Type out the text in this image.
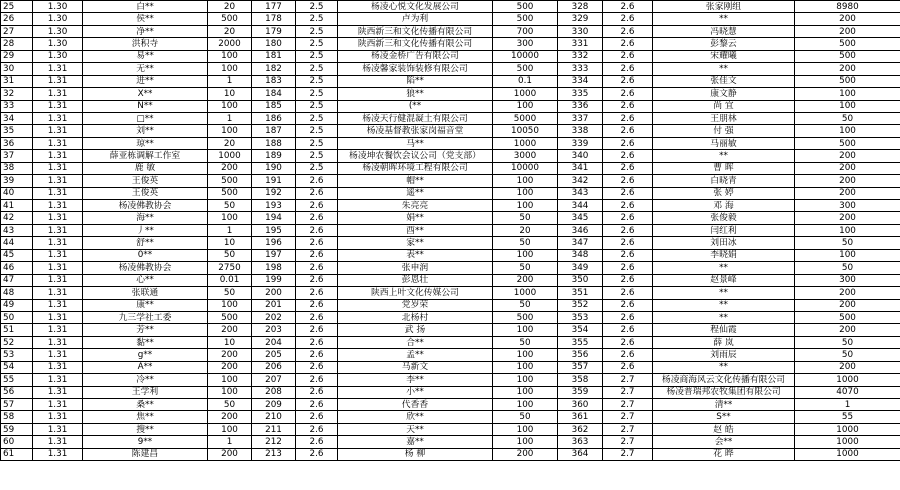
25	1.30	白**	20	177	2.5	杨凌心悦文化发展公司	500	328	2.6	张家刚组	8980
26	1.30	侯**	500	178	2.5	卢为利	500	329	2.6	**	200
27	1.30	净**	20	179	2.5	陕西新三和文化传播有限公司	700	330	2.6	冯晓慧	200
28	1.30	洪积寺	2000	180	2.5	陕西新三和文化传播有限公司	300	331	2.6	彭黎云	500
29	1.30	易**	100	181	2.5	杨凌金桥广告有限公司	10000	332	2.6	宋耀曦	500
30	1.31	无**	100	182	2.5	杨凌馨家装饰装修有限公司	500	333	2.6	**	200
31	1.31	进**	1	183	2.5	陷**	0.1	334	2.6	张佳文	500
32	1.31	X**	10	184	2.5	狼**	1000	335	2.6	康文静	100
33	1.31	N**	100	185	2.5	(**	100	336	2.6	尚 宜	100
34	1.31	□**	1	186	2.5	杨凌天行健混凝土有限公司	5000	337	2.6	王朋林	50
35	1.31	刘**	100	187	2.5	杨凌基督教张家岗福音堂	10050	338	2.6	付 强	100
36	1.31	琼**	20	188	2.5	马**	1000	339	2.6	马丽敏	500
37	1.31	薛亚栋调解工作室	1000	189	2.5	杨凌坤农餐饮会议公司（党支部）	3000	340	2.6	**	200
38	1.31	鹿 敏	200	190	2.5	杨凌朝晖环境工程有限公司	10000	341	2.6	曹 晖	200
39	1.31	王俊英	500	191	2.6	帽**	100	342	2.6	白晓青	200
40	1.31	王俊英	500	192	2.6	遥**	100	343	2.6	张 婷	200
41	1.31	杨凌佛教协会	50	193	2.6	朱亮亮	100	344	2.6	邓 海	300
42	1.31	海**	100	194	2.6	娟**	50	345	2.6	张俊毅	200
43	1.31	丿**	1	195	2.6	酉**	20	346	2.6	闫红利	100
44	1.31	舒**	10	196	2.6	家**	50	347	2.6	刘田冰	50
45	1.31	0**	50	197	2.6	表**	100	348	2.6	李晓娟	100
46	1.31	杨凌佛教协会	2750	198	2.6	张申润	50	349	2.6	**	50
47	1.31	心**	0.01	199	2.6	彭恩壮	200	350	2.6	赵景峰	300
48	1.31	张联通	50	200	2.6	陕西上叶文化传媒公司	1000	351	2.6	**	200
49	1.31	康**	100	201	2.6	党岁荣	50	352	2.6	**	200
50	1.31	九三学社工委	500	202	2.6	北杨村	500	353	2.6	**	500
51	1.31	芳**	200	203	2.6	武 扬	100	354	2.6	程仙霞	200
52	1.31	黏**	10	204	2.6	合**	50	355	2.6	薛 岚	50
53	1.31	g**	200	205	2.6	孟**	100	356	2.6	刘雨辰	50
54	1.31	A**	200	206	2.6	马新文	100	357	2.6	**	200
55	1.31	冷**	100	207	2.6	李**	100	358	2.7	杨凌商海风云文化传播有限公司	1000
56	1.31	王学利	100	208	2.6	小**	100	359	2.7	杨凌普瑞邦农牧集团有限公司	4070
57	1.31	桑**	50	209	2.6	代香香	100	360	2.7	清**	1
58	1.31	焦**	200	210	2.6	欣**	50	361	2.7	S**	55
59	1.31	搜**	100	211	2.6	天**	100	362	2.7	赵 皓	1000
60	1.31	9**	1	212	2.6	嘉**	100	363	2.7	会**	1000
61	1.31	陈建昌	200	213	2.6	杨 柳	200	364	2.7	花 晔	1000
